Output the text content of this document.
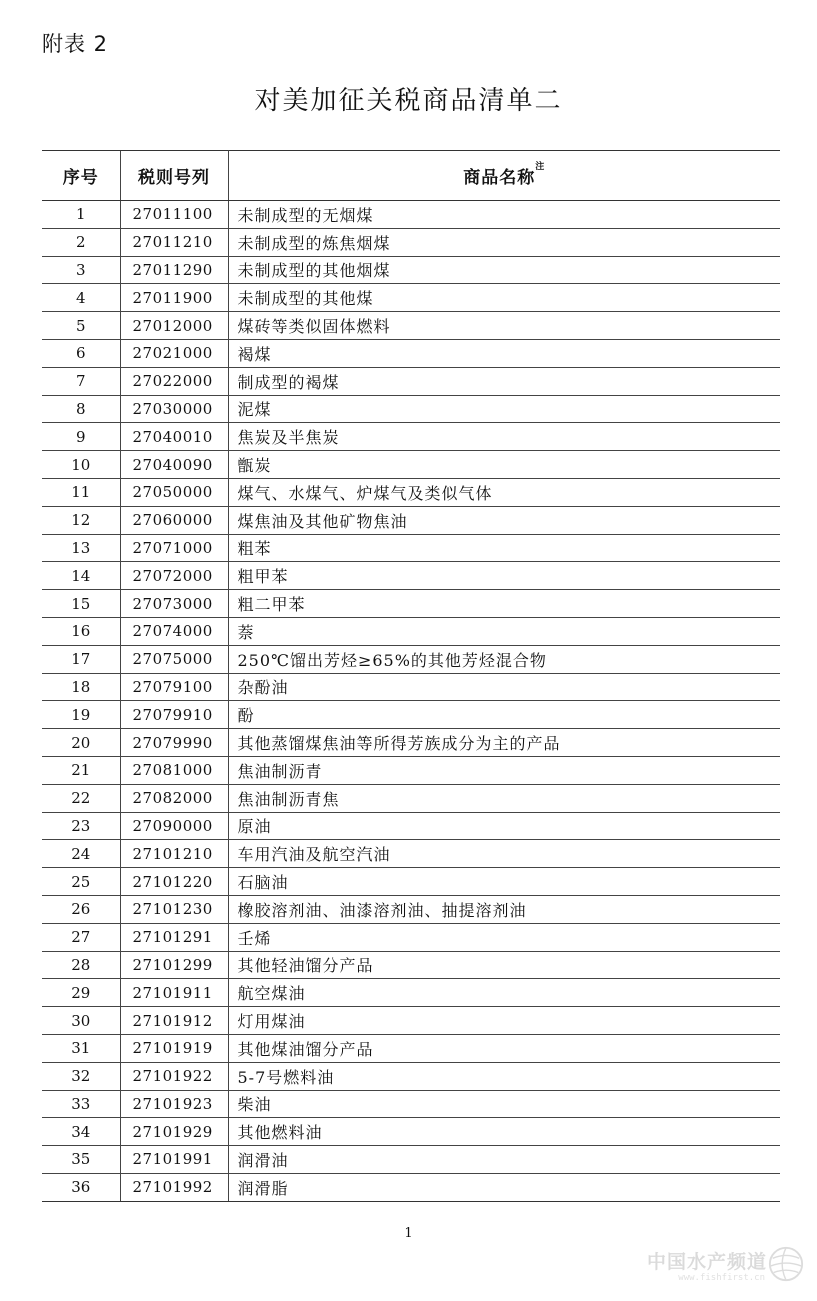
附表 2
对美加征关税商品清单二
序号	税则号列	商品名称$^注$
1	27011100	未制成型的无烟煤
2	27011210	未制成型的炼焦烟煤
3	27011290	未制成型的其他烟煤
4	27011900	未制成型的其他煤
5	27012000	煤砖等类似固体燃料
6	27021000	褐煤
7	27022000	制成型的褐煤
8	27030000	泥煤
9	27040010	焦炭及半焦炭
10	27040090	甑炭
11	27050000	煤气、水煤气、炉煤气及类似气体
12	27060000	煤焦油及其他矿物焦油
13	27071000	粗苯
14	27072000	粗甲苯
15	27073000	粗二甲苯
16	27074000	萘
17	27075000	250℃馏出芳烃≥65%的其他芳烃混合物
18	27079100	杂酚油
19	27079910	酚
20	27079990	其他蒸馏煤焦油等所得芳族成分为主的产品
21	27081000	焦油制沥青
22	27082000	焦油制沥青焦
23	27090000	原油
24	27101210	车用汽油及航空汽油
25	27101220	石脑油
26	27101230	橡胶溶剂油、油漆溶剂油、抽提溶剂油
27	27101291	壬烯
28	27101299	其他轻油馏分产品
29	27101911	航空煤油
30	27101912	灯用煤油
31	27101919	其他煤油馏分产品
32	27101922	5-7号燃料油
33	27101923	柴油
34	27101929	其他燃料油
35	27101991	润滑油
36	27101992	润滑脂
1
中国水产频道
www.fishfirst.cn
